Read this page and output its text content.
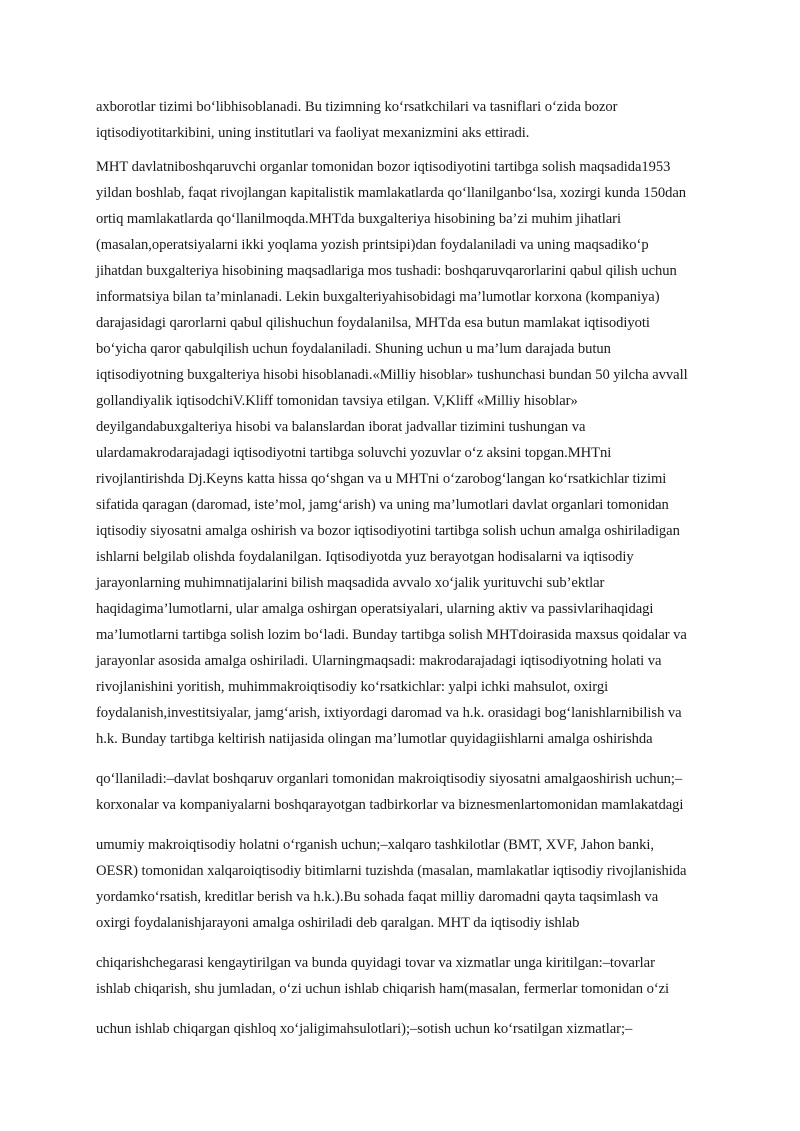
axborotlar tizimi bo‘libhisoblanadi. Bu tizimning ko‘rsatkchilari va tasniflari o‘zida bozor
iqtisodiyotitarkibini, uning institutlari va faoliyat mexanizmini aks ettiradi.
MHT davlatniboshqaruvchi organlar tomonidan bozor iqtisodiyotini tartibga solish maqsadida1953
yildan boshlab, faqat rivojlangan kapitalistik mamlakatlarda qo‘llanilganbo‘lsa, xozirgi kunda 150dan
ortiq mamlakatlarda qo‘llanilmoqda.MHTda buxgalteriya hisobining ba’zi muhim jihatlari
(masalan,operatsiyalarni ikki yoqlama yozish printsipi)dan foydalaniladi va uning maqsadiko‘p
jihatdan buxgalteriya hisobining maqsadlariga mos tushadi: boshqaruvqarorlarini qabul qilish uchun
informatsiya bilan ta’minlanadi. Lekin buxgalteriyahisobidagi ma’lumotlar korxona (kompaniya)
darajasidagi qarorlarni qabul qilishuchun foydalanilsa, MHTda esa butun mamlakat iqtisodiyoti
bo‘yicha qaror qabulqilish uchun foydalaniladi. Shuning uchun u ma’lum darajada butun
iqtisodiyotning buxgalteriya hisobi hisoblanadi.«Milliy hisoblar» tushunchasi bundan 50 yilcha avvall
gollandiyalik iqtisodchiV.Kliff tomonidan tavsiya etilgan. V,Kliff «Milliy hisoblar»
deyilgandabuxgalteriya hisobi va balanslardan iborat jadvallar tizimini tushungan va
ulardamakrodarajadagi iqtisodiyotni tartibga soluvchi yozuvlar o‘z aksini topgan.MHTni
rivojlantirishda Dj.Keyns katta hissa qo‘shgan va u MHTni o‘zarobog‘langan ko‘rsatkichlar tizimi
sifatida qaragan (daromad, iste’mol, jamg‘arish) va uning ma’lumotlari davlat organlari tomonidan
iqtisodiy siyosatni amalga oshirish va bozor iqtisodiyotini tartibga solish uchun amalga oshiriladigan
ishlarni belgilab olishda foydalanilgan. Iqtisodiyotda yuz berayotgan hodisalarni va iqtisodiy
jarayonlarning muhimnatijalarini bilish maqsadida avvalo xo‘jalik yurituvchi sub’ektlar
haqidagima’lumotlarni, ular amalga oshirgan operatsiyalari, ularning aktiv va passivlarihaqidagi
ma’lumotlarni tartibga solish lozim bo‘ladi. Bunday tartibga solish MHTdoirasida maxsus qoidalar va
jarayonlar asosida amalga oshiriladi. Ularningmaqsadi: makrodarajadagi iqtisodiyotning holati va
rivojlanishini yoritish, muhimmakroiqtisodiy ko‘rsatkichlar: yalpi ichki mahsulot, oxirgi
foydalanish,investitsiyalar, jamg‘arish, ixtiyordagi daromad va h.k. orasidagi bog‘lanishlarnibilish va
h.k. Bunday tartibga keltirish natijasida olingan ma’lumotlar quyidagiishlarni amalga oshirishda
qo‘llaniladi:‒davlat boshqaruv organlari tomonidan makroiqtisodiy siyosatni amalgaoshirish uchun;‒
korxonalar va kompaniyalarni boshqarayotgan tadbirkorlar va biznesmenlartomonidan mamlakatdagi
umumiy makroiqtisodiy holatni o‘rganish uchun;‒xalqaro tashkilotlar (BMT, XVF, Jahon banki,
OESR) tomonidan xalqaroiqtisodiy bitimlarni tuzishda (masalan, mamlakatlar iqtisodiy rivojlanishida
yordamko‘rsatish, kreditlar berish va h.k.).Bu sohada faqat milliy daromadni qayta taqsimlash va
oxirgi foydalanishjarayoni amalga oshiriladi deb qaralgan. MHT da iqtisodiy ishlab
chiqarishchegarasi kengaytirilgan va bunda quyidagi tovar va xizmatlar unga kiritilgan:‒tovarlar
ishlab chiqarish, shu jumladan, o‘zi uchun ishlab chiqarish ham(masalan, fermerlar tomonidan o‘zi
uchun ishlab chiqargan qishloq xo‘jaligimahsulotlari);‒sotish uchun ko‘rsatilgan xizmatlar;‒
